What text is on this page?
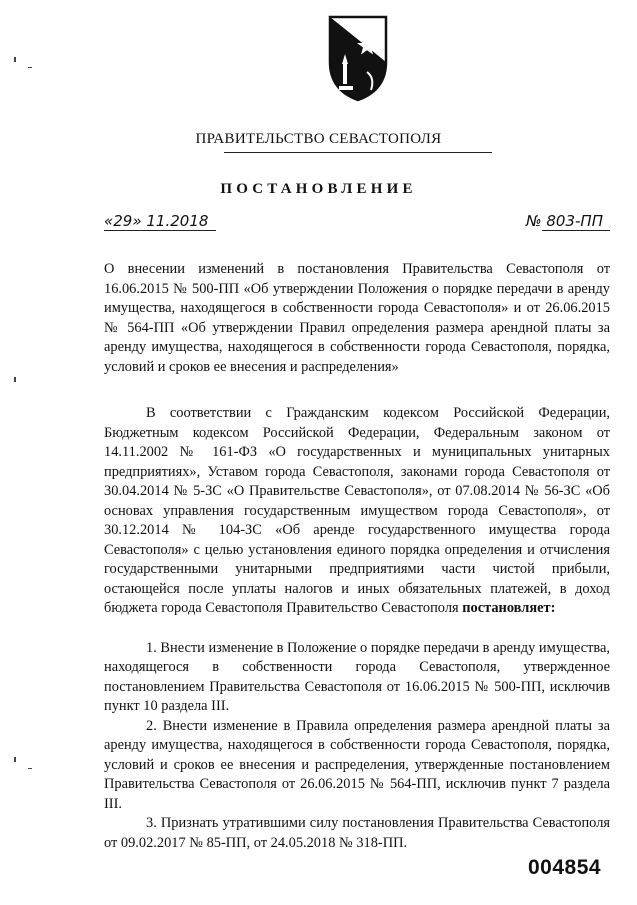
ПРАВИТЕЛЬСТВО СЕВАСТОПОЛЯ
ПОСТАНОВЛЕНИЕ
«29» 11.2018	№ 803-ПП
О внесении изменений в постановления Правительства Севастополя от 16.06.2015 № 500-ПП «Об утверждении Положения о порядке передачи в аренду имущества, находящегося в собственности города Севастополя» и от 26.06.2015 № 564-ПП «Об утверждении Правил определения размера арендной платы за аренду имущества, находящегося в собственности города Севастополя, порядка, условий и сроков ее внесения и распределения»

В соответствии с Гражданским кодексом Российской Федерации, Бюджетным кодексом Российской Федерации, Федеральным законом от 14.11.2002 № 161-ФЗ «О государственных и муниципальных унитарных предприятиях», Уставом города Севастополя, законами города Севастополя от 30.04.2014 № 5-ЗС «О Правительстве Севастополя», от 07.08.2014 № 56-ЗС «Об основах управления государственным имуществом города Севастополя», от 30.12.2014 № 104-ЗС «Об аренде государственного имущества города Севастополя» с целью установления единого порядка определения и отчисления государственными унитарными предприятиями части чистой прибыли, остающейся после уплаты налогов и иных обязательных платежей, в доход бюджета города Севастополя Правительство Севастополя постановляет:

1. Внести изменение в Положение о порядке передачи в аренду имущества, находящегося в собственности города Севастополя, утвержденное постановлением Правительства Севастополя от 16.06.2015 № 500-ПП, исключив пункт 10 раздела III.

2. Внести изменение в Правила определения размера арендной платы за аренду имущества, находящегося в собственности города Севастополя, порядка, условий и сроков ее внесения и распределения, утвержденные постановлением Правительства Севастополя от 26.06.2015 № 564-ПП, исключив пункт 7 раздела III.

3. Признать утратившими силу постановления Правительства Севастополя от 09.02.2017 № 85-ПП, от 24.05.2018 № 318-ПП.

004854
